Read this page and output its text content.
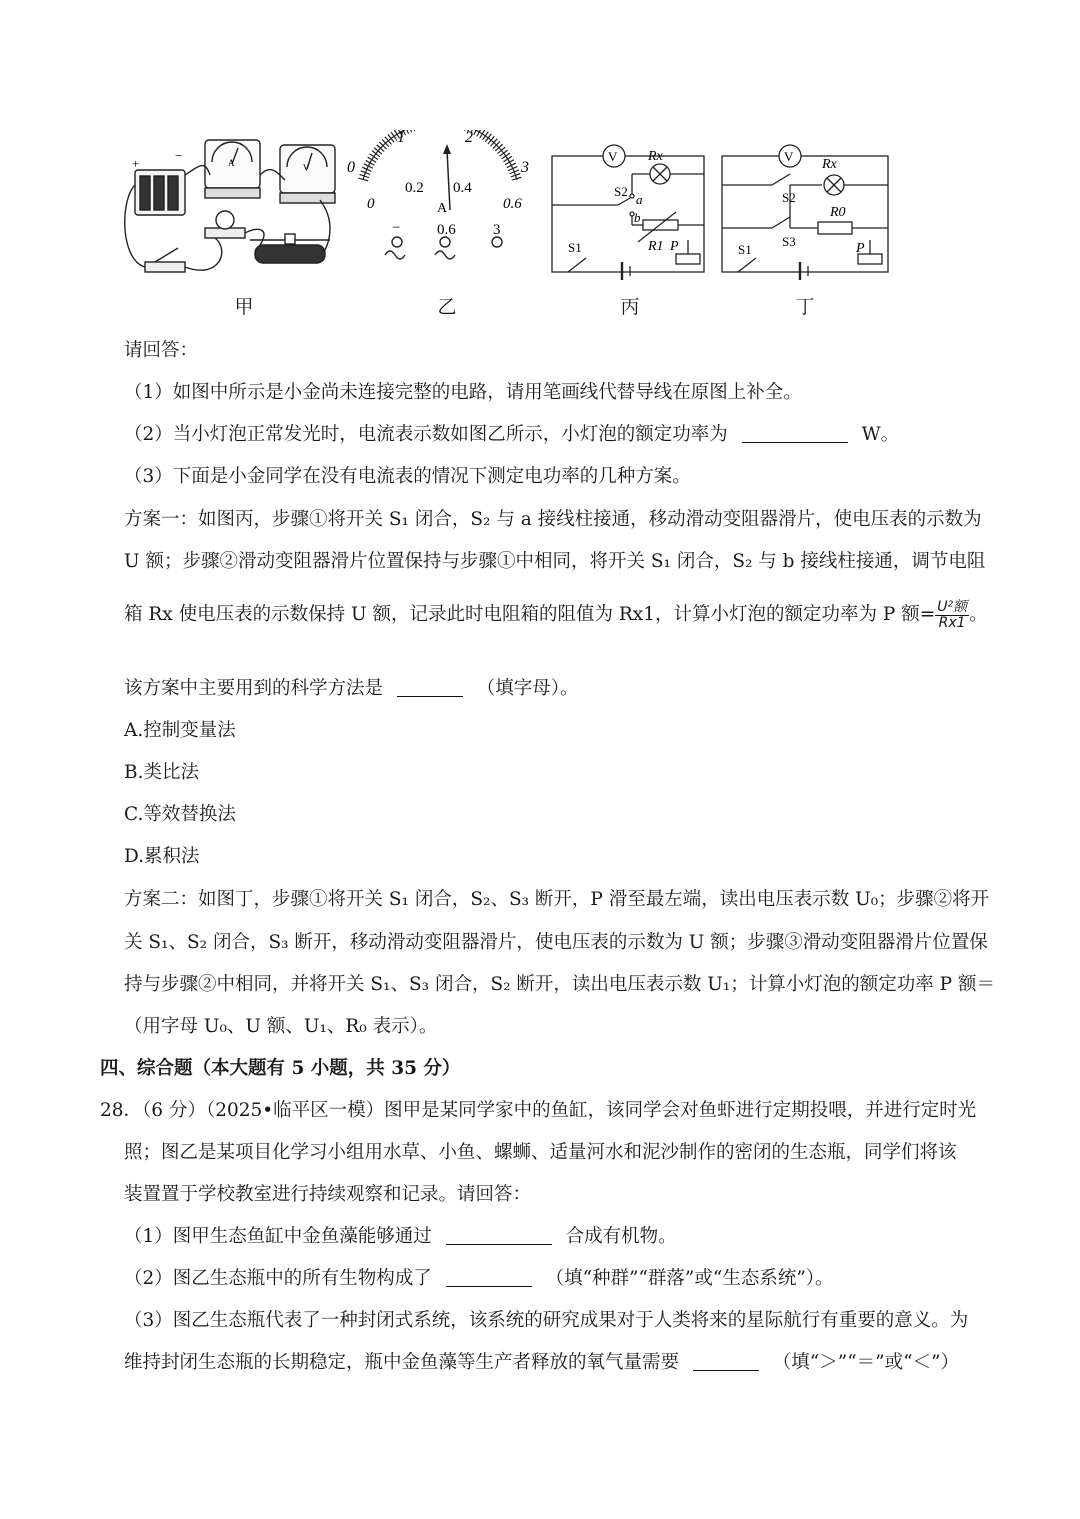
+
−	A	V 0
1	2
3
0
0.2 0.4
0.6
A
− 0.6 3
V Rx
S2
a
b
R1 P
S1
V
Rx
S2
R0
S3
S1	P
甲	乙	丙	丁
请回答：
（1）如图中所示是小金尚未连接完整的电路，请用笔画线代替导线在原图上补全。
（2）当小灯泡正常发光时，电流表示数如图乙所示，小灯泡的额定功率为	W。
（3）下面是小金同学在没有电流表的情况下测定电功率的几种方案。
方案一：如图丙，步骤①将开关 S₁ 闭合，S₂ 与 a 接线柱接通，移动滑动变阻器滑片，使电压表的示数为
U 额；步骤②滑动变阻器滑片位置保持与步骤①中相同，将开关 S₁ 闭合，S₂ 与 b 接线柱接通，调节电阻
箱 Rx 使电压表的示数保持 U 额，记录此时电阻箱的阻值为 Rx1，计算小灯泡的额定功率为 P 额= $\frac{\text{U²额}}{Rx1}$ 。
该方案中主要用到的科学方法是	（填字母）。
A.控制变量法
B.类比法
C.等效替换法
D.累积法
方案二：如图丁，步骤①将开关 S₁ 闭合，S₂、S₃ 断开，P 滑至最左端，读出电压表示数 U₀；步骤②将开
关 S₁、S₂ 闭合，S₃ 断开，移动滑动变阻器滑片，使电压表的示数为 U 额；步骤③滑动变阻器滑片位置保
持与步骤②中相同，并将开关 S₁、S₃ 闭合，S₂ 断开，读出电压表示数 U₁；计算小灯泡的额定功率 P 额＝
（用字母 U₀、U 额、U₁、R₀ 表示）。
四、综合题（本大题有 5 小题，共 35 分）
28．（6 分）（2025•临平区一模）图甲是某同学家中的鱼缸，该同学会对鱼虾进行定期投喂，并进行定时光
照；图乙是某项目化学习小组用水草、小鱼、螺蛳、适量河水和泥沙制作的密闭的生态瓶，同学们将该
装置置于学校教室进行持续观察和记录。请回答：
（1）图甲生态鱼缸中金鱼藻能够通过	合成有机物。
（2）图乙生态瓶中的所有生物构成了	（填“种群”“群落”或“生态系统”）。
（3）图乙生态瓶代表了一种封闭式系统，该系统的研究成果对于人类将来的星际航行有重要的意义。为
维持封闭生态瓶的长期稳定，瓶中金鱼藻等生产者释放的氧气量需要	（填“＞”“＝”或“＜”）
